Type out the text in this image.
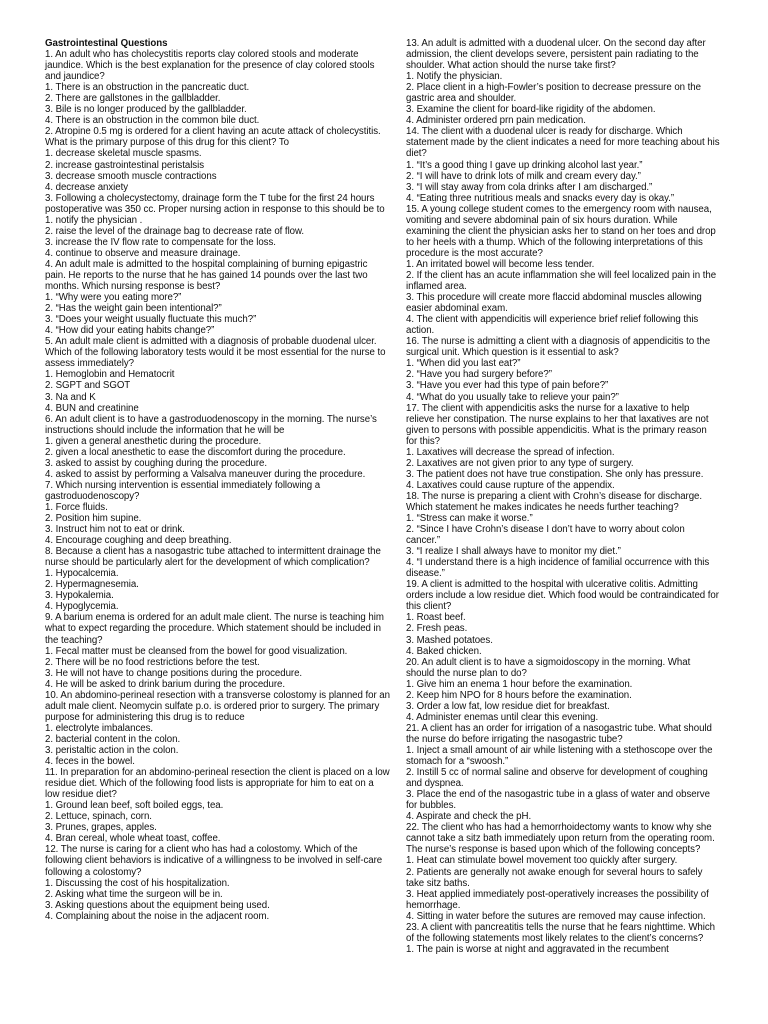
Gastrointestinal Questions

1. An adult who has cholecystitis reports clay colored stools and moderate jaundice. Which is the best explanation for the presence of clay colored stools and jaundice?

1. There is an obstruction in the pancreatic duct.

2. There are gallstones in the gallbladder.

3. Bile is no longer produced by the gallbladder.

4. There is an obstruction in the common bile duct.

2. Atropine 0.5 mg is ordered for a client having an acute attack of cholecystitis. What is the primary purpose of this drug for this client? To

1. decrease skeletal muscle spasms.

2. increase gastrointestinal peristalsis

3. decrease smooth muscle contractions

4. decrease anxiety

3. Following a cholecystectomy, drainage form the T tube for the first 24 hours postoperative was 350 cc. Proper nursing action in response to this should be to

1. notify the physician .

2. raise the level of the drainage bag to decrease rate of flow.

3. increase the IV flow rate to compensate for the loss.

4. continue to observe and measure drainage.

4. An adult male is admitted to the hospital complaining of burning epigastric pain. He reports to the nurse that he has gained 14 pounds over the last two months. Which nursing response is best?

1. “Why were you eating more?”

2. “Has the weight gain been intentional?”

3. “Does your weight usually fluctuate this much?”

4. “How did your eating habits change?”

5. An adult male client is admitted with a diagnosis of probable duodenal ulcer. Which of the following laboratory tests would it be most essential for the nurse to assess immediately?

1. Hemoglobin and Hematocrit

2. SGPT and SGOT

3. Na and K

4. BUN and creatinine

6. An adult client is to have a gastroduodenoscopy in the morning. The nurse’s instructions should include the information that he will be

1. given a general anesthetic during the procedure.

2. given a local anesthetic to ease the discomfort during the procedure.

3. asked to assist by coughing during the procedure.

4. asked to assist by performing a Valsalva maneuver during the procedure.

7. Which nursing intervention is essential immediately following a gastroduodenoscopy?

1. Force fluids.

2. Position him supine.

3. Instruct him not to eat or drink.

4. Encourage coughing and deep breathing.

8. Because a client has a nasogastric tube attached to intermittent drainage the nurse should be particularly alert for the development of which complication?

1. Hypocalcemia.

2. Hypermagnesemia.

3. Hypokalemia.

4. Hypoglycemia.

9. A barium enema is ordered for an adult male client. The nurse is teaching him what to expect regarding the procedure. Which statement should be included in the teaching?

1. Fecal matter must be cleansed from the bowel for good visualization.

2. There will be no food restrictions before the test.

3. He will not have to change positions during the procedure.

4. He will be asked to drink barium during the procedure.

10. An abdomino-perineal resection with a transverse colostomy is planned for an adult male client. Neomycin sulfate p.o. is ordered prior to surgery. The primary purpose for administering this drug is to reduce

1. electrolyte imbalances.

2. bacterial content in the colon.

3. peristaltic action in the colon.

4. feces in the bowel.

11. In preparation for an abdomino-perineal resection the client is placed on a low residue diet. Which of the following food lists is appropriate for him to eat on a low residue diet?

1. Ground lean beef, soft boiled eggs, tea.

2. Lettuce, spinach, corn.

3. Prunes, grapes, apples.

4. Bran cereal, whole wheat toast, coffee.

12. The nurse is caring for a client who has had a colostomy. Which of the following client behaviors is indicative of a willingness to be involved in self-care following a colostomy?

1. Discussing the cost of his hospitalization.

2. Asking what time the surgeon will be in.

3. Asking questions about the equipment being used.

4. Complaining about the noise in the adjacent room.

13. An adult is admitted with a duodenal ulcer. On the second day after admission, the client develops severe, persistent pain radiating to the shoulder. What action should the nurse take first?

1. Notify the physician.

2. Place client in a high-Fowler’s position to decrease pressure on the gastric area and shoulder.

3. Examine the client for board-like rigidity of the abdomen.

4. Administer ordered prn pain medication.

14. The client with a duodenal ulcer is ready for discharge. Which statement made by the client indicates a need for more teaching about his diet?

1. “It’s a good thing I gave up drinking alcohol last year.”

2. “I will have to drink lots of milk and cream every day.”

3. “I will stay away from cola drinks after I am discharged.”

4. “Eating three nutritious meals and snacks every day is okay.”

15. A young college student comes to the emergency room with nausea, vomiting and severe abdominal pain of six hours duration. While examining the client the physician asks her to stand on her toes and drop to her heels with a thump. Which of the following interpretations of this procedure is the most accurate?

1. An irritated bowel will become less tender.

2. If the client has an acute inflammation she will feel localized pain in the inflamed area.

3. This procedure will create more flaccid abdominal muscles allowing easier abdominal exam.

4. The client with appendicitis will experience brief relief following this action.

16. The nurse is admitting a client with a diagnosis of appendicitis to the surgical unit. Which question is it essential to ask?

1. “When did you last eat?”

2. “Have you had surgery before?”

3. “Have you ever had this type of pain before?”

4. “What do you usually take to relieve your pain?”

17. The client with appendicitis asks the nurse for a laxative to help relieve her constipation. The nurse explains to her that laxatives are not given to persons with possible appendicitis. What is the primary reason for this?

1. Laxatives will decrease the spread of infection.

2. Laxatives are not given prior to any type of surgery.

3. The patient does not have true constipation. She only has pressure.

4. Laxatives could cause rupture of the appendix.

18. The nurse is preparing a client with Crohn’s disease for discharge. Which statement he makes indicates he needs further teaching?

1. “Stress can make it worse.”

2. “Since I have Crohn’s disease I don’t have to worry about colon cancer.”

3. “I realize I shall always have to monitor my diet.”

4. “I understand there is a high incidence of familial occurrence with this disease.”

19. A client is admitted to the hospital with ulcerative colitis. Admitting orders include a low residue diet. Which food would be contraindicated for this client?

1. Roast beef.

2. Fresh peas.

3. Mashed potatoes.

4. Baked chicken.

20. An adult client is to have a sigmoidoscopy in the morning. What should the nurse plan to do?

1. Give him an enema 1 hour before the examination.

2. Keep him NPO for 8 hours before the examination.

3. Order a low fat, low residue diet for breakfast.

4. Administer enemas until clear this evening.

21. A client has an order for irrigation of a nasogastric tube. What should the nurse do before irrigating the nasogastric tube?

1. Inject a small amount of air while listening with a stethoscope over the stomach for a “swoosh.”

2. Instill 5 cc of normal saline and observe for development of coughing and dyspnea.

3. Place the end of the nasogastric tube in a glass of water and observe for bubbles.

4. Aspirate and check the pH.

22. The client who has had a hemorrhoidectomy wants to know why she cannot take a sitz bath immediately upon return from the operating room. The nurse’s response is based upon which of the following concepts?

1. Heat can stimulate bowel movement too quickly after surgery.

2. Patients are generally not awake enough for several hours to safely take sitz baths.

3. Heat applied immediately post-operatively increases the possibility of hemorrhage.

4. Sitting in water before the sutures are removed may cause infection.

23. A client with pancreatitis tells the nurse that he fears nighttime. Which of the following statements most likely relates to the client’s concerns?

1. The pain is worse at night and aggravated in the recumbent
